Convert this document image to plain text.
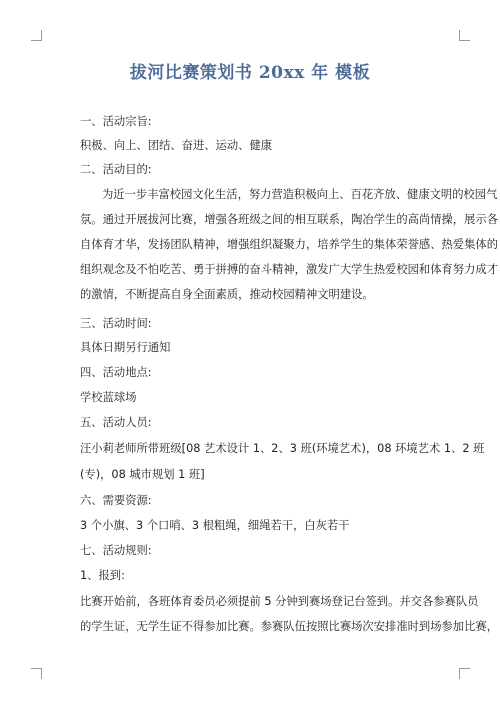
拔河比赛策划书 20xx 年 模板
一、活动宗旨:
积极、向上、团结、奋进、运动、健康
二、活动目的:
为近一步丰富校园文化生活，努力营造积极向上、百花齐放、健康文明的校园气
氛。通过开展拔河比赛，增强各班级之间的相互联系，陶冶学生的高尚情操，展示各
自体育才华，发扬团队精神，增强组织凝聚力，培养学生的集体荣誉感、热爱集体的
组织观念及不怕吃苦、勇于拼搏的奋斗精神，激发广大学生热爱校园和体育努力成才
的激情，不断提高自身全面素质，推动校园精神文明建设。
三、活动时间:
具体日期另行通知
四、活动地点:
学校蓝球场
五、活动人员:
汪小莉老师所带班级[08 艺术设计 1、2、3 班(环境艺术)，08 环境艺术 1、2 班
(专)，08 城市规划 1 班]
六、需要资源:
3 个小旗、3 个口哨、3 根粗绳，细绳若干，白灰若干
七、活动规则:
1、报到:
比赛开始前，各班体育委员必须提前 5 分钟到赛场登记台签到。并交各参赛队员
的学生证，无学生证不得参加比赛。参赛队伍按照比赛场次安排准时到场参加比赛，
